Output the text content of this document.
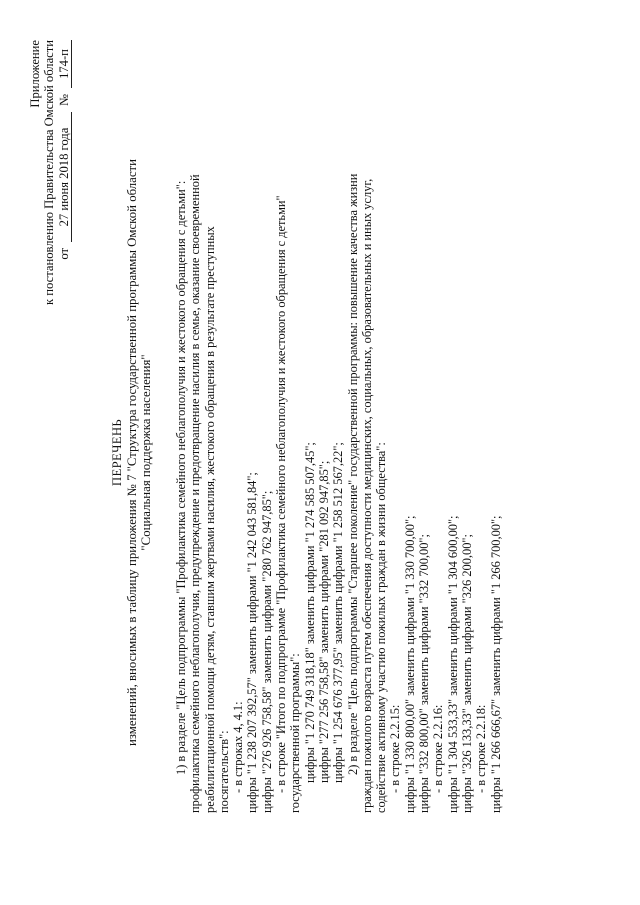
Приложение к постановлению Правительства Омской области от
27 июня 2018 года
№
174-п
ПЕРЕЧЕНЬ изменений, вносимых в таблицу приложения № 7 "Структура государственной программы Омской области "Социальная поддержка населения" 1) в разделе "Цель подпрограммы "Профилактика семейного неблагополучия и жестокого обращения с детьми": профилактика семейного неблагополучия, предупреждение и предотвращение насилия в семье, оказание своевременной реабилитационной помощи детям, ставшим жертвами насилия, жестокого обращения в результате преступных посягательств": - в строках 4, 4.1: цифры "1 238 207 392,57" заменить цифрами "1 242 043 581,84"; цифры "276 926 758,58" заменить цифрами "280 762 947,85"; - в строке "Итого по подпрограмме "Профилактика семейного неблагополучия и жестокого обращения с детьми" государственной программы": цифры "1 270 749 318,18" заменить цифрами "1 274 585 507,45"; цифры "277 256 758,58" заменить цифрами "281 092 947,85"; цифры "1 254 676 377,95" заменить цифрами "1 258 512 567,22"; 2) в разделе "Цель подпрограммы "Старшее поколение" государственной программы: повышение качества жизни граждан пожилого возраста путем обеспечения доступности медицинских, социальных, образовательных и иных услуг, содействие активному участию пожилых граждан в жизни общества": - в строке 2.2.15: цифры "1 330 800,00" заменить цифрами "1 330 700,00"; цифры "332 800,00" заменить цифрами "332 700,00"; - в строке 2.2.16: цифры "1 304 533,33" заменить цифрами "1 304 600,00"; цифры "326 133,33" заменить цифрами "326 200,00"; - в строке 2.2.18: цифры "1 266 666,67" заменить цифрами "1 266 700,00";
